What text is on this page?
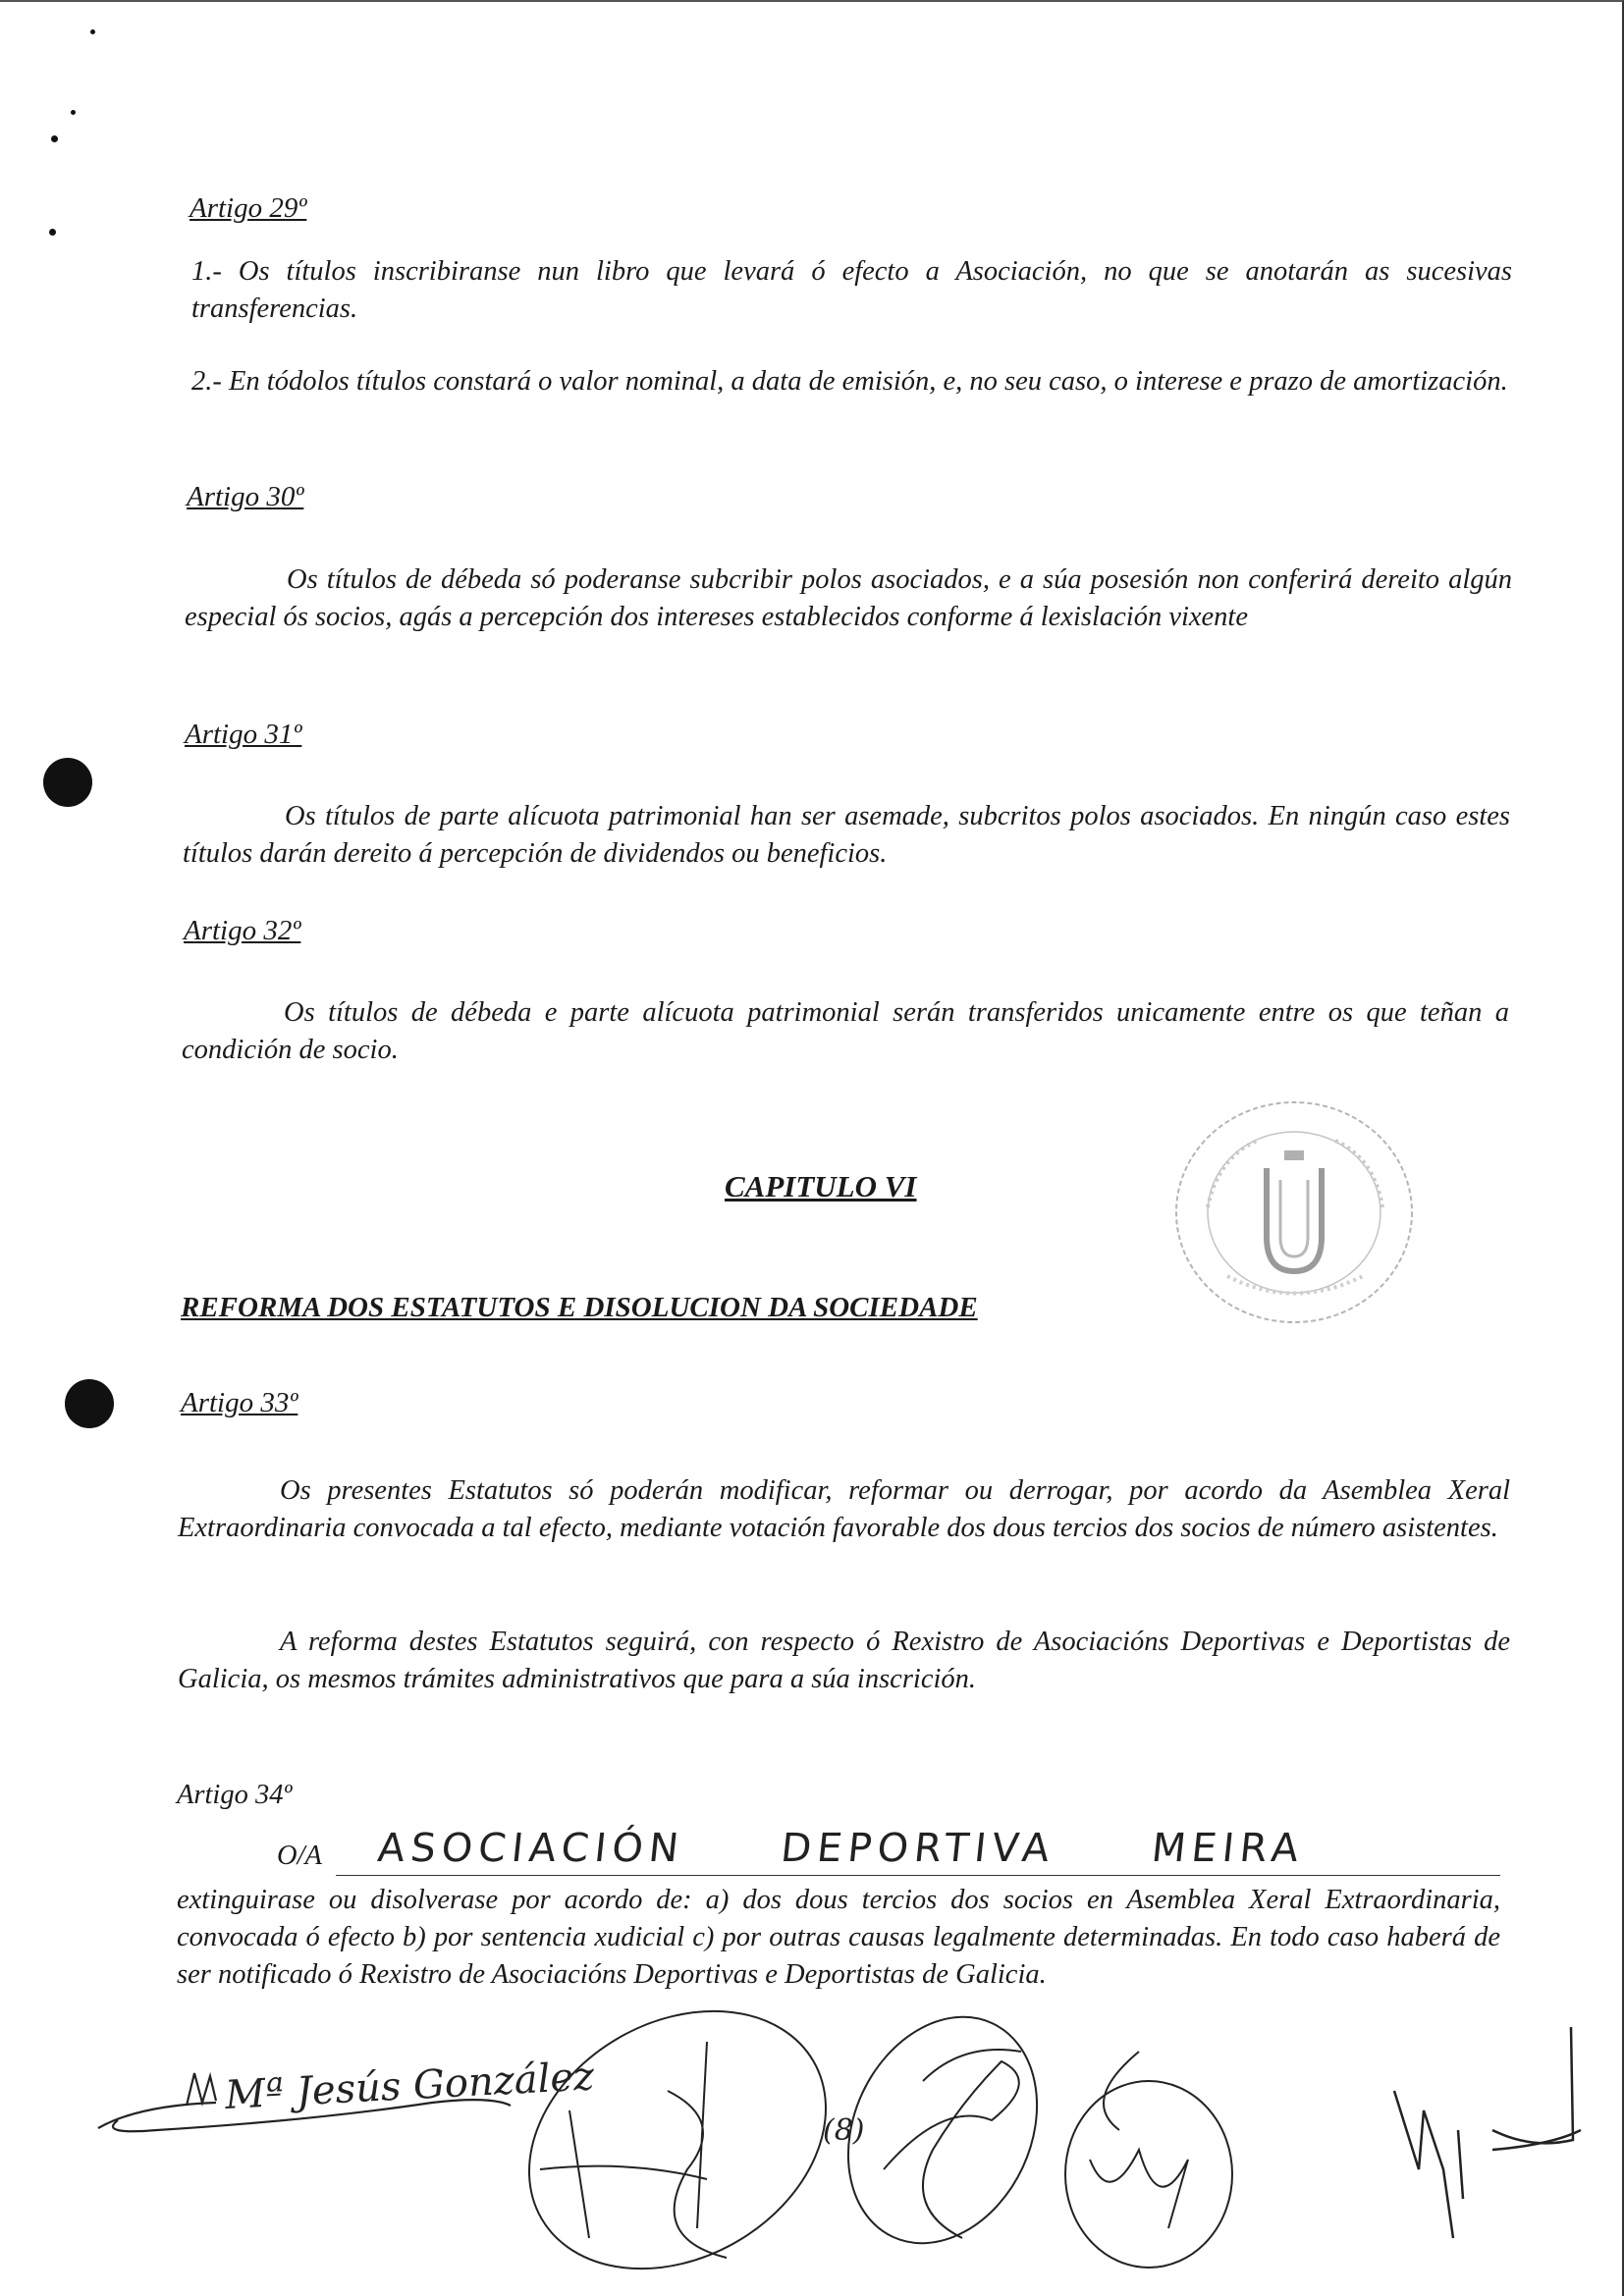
Artigo 29º
1.- Os títulos inscribiranse nun libro que levará ó efecto a Asociación, no que se anotarán as sucesivas transferencias.
2.- En tódolos títulos constará o valor nominal, a data de emisión, e, no seu caso, o interese e prazo de amortización.
Artigo 30º
Os títulos de débeda só poderanse subcribir polos asociados, e a súa posesión non conferirá dereito algún especial ós socios, agás a percepción dos intereses establecidos conforme á lexislación vixente
Artigo 31º
Os títulos de parte alícuota patrimonial han ser asemade, subcritos polos asociados. En ningún caso estes títulos darán dereito á percepción de dividendos ou beneficios.
Artigo 32º
Os títulos de débeda e parte alícuota patrimonial serán transferidos unicamente entre os que teñan a condición de socio.
CAPITULO VI
REFORMA DOS ESTATUTOS E DISOLUCION DA SOCIEDADE
Artigo 33º
Os presentes Estatutos só poderán modificar, reformar ou derrogar, por acordo da Asemblea Xeral Extraordinaria convocada a tal efecto, mediante votación favorable dos dous tercios dos socios de número asistentes.
A reforma destes Estatutos seguirá, con respecto ó Rexistro de Asociacións Deportivas e Deportistas de Galicia, os mesmos trámites administrativos que para a súa inscrición.
Artigo 34º
O/A ASOCIACIÓN DEPORTIVA MEIRA
extinguirase ou disolverase por acordo de: a) dos dous tercios dos socios en Asemblea Xeral Extraordinaria, convocada ó efecto b) por sentencia xudicial c) por outras causas legalmente determinadas. En todo caso haberá de ser notificado ó Rexistro de Asociacións Deportivas e Deportistas de Galicia.
Mª Jesús González
(8)
